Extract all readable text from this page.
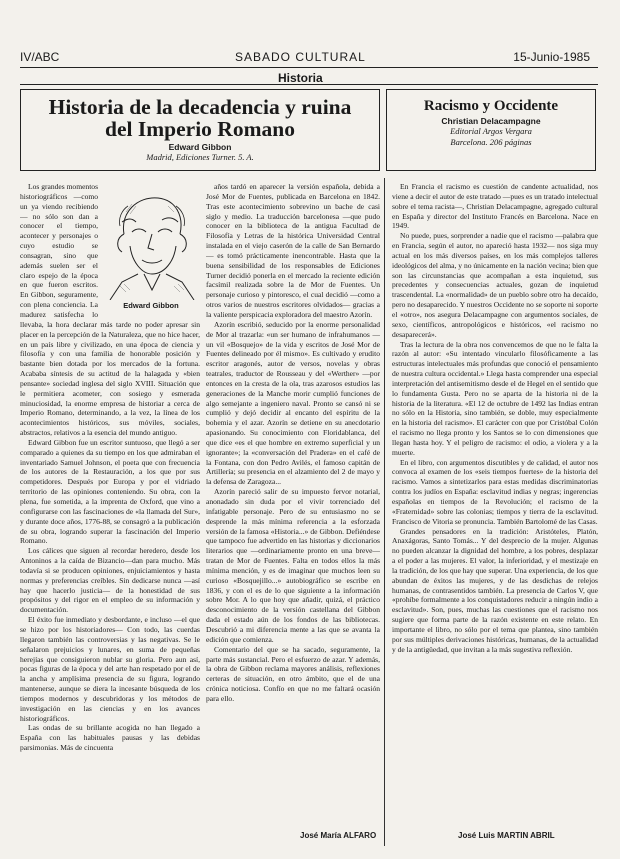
IV/ABC	SABADO CULTURAL	15-Junio-1985
Historia
Historia de la decadencia y ruina
del Imperio Romano
Edward Gibbon
Madrid, Ediciones Turner. 5. A.
Racismo y Occidente
Christian Delacampagne
Editorial Argos Vergara
Barcelona. 206 páginas
Edward Gibbon

Los grandes momentos historiográficos —como un ya viendo recibiendo— no sólo son dan a conocer el tiempo, acontecer y personajes o cuyo estudio se consagran, sino que además suelen ser el claro espejo de la época en que fueron escritos. En Gibbon, seguramente, con plena conciencia. La madurez satisfecha lo llevaba, la hora declarar más tarde no poder apresar sin placer en la percepción de la Naturaleza, que no hice hacer, en un país libre y civilizado, en una época de ciencia y filosofía y con una familia de honorable posición y bastante bien dotada por los mercados de la fortuna. Acababa síntesis de su actitud de la halagada y «bien pensante» sociedad inglesa del siglo XVIII. Situación que le permitiera acometer, con sosiego y esmerada minuciosidad, la enorme empresa de historiar a cerca de Imperio Romano, determinando, a la vez, la línea de los acontecimientos históricos, sus móviles, sociales, abstractos, relativos a la esencia del mundo antiguo.

Edward Gibbon fue un escritor suntuoso, que llegó a ser comparado a quienes da su tiempo en los que admiraban el inventariado Samuel Johnson, el poeta que con frecuencia de los autores de la Restauración, a los que por sus competidores. Después por Europa y por el vidriado territorio de las opiniones conteniendo. Su obra, con la plena, fue sometida, a la imprenta de Oxford, que vino a configurarse con las fascinaciones de «la llamada del Sur», y durante doce años, 1776-88, se consagró a la publicación de su obra, logrando superar la fascinación del Imperio Romano.

Los cálices que siguen al recordar heredero, desde los Antoninos a la caída de Bizancio—dan para mucho. Más todavía si se producen opiniones, enjuiciamientos y hasta normas y preferencias creíbles. Sin dedicarse nunca —así hay que hacerlo justicia— de la honestidad de sus propósitos y del rigor en el empleo de su información y documentación.

El éxito fue inmediato y desbordante, e incluso —el que se hizo por los historiadores— Con todo, las cuerdas llegaron también las controversias y las negativas. Se le señalaron prejuicios y lunares, en suma de pequeñas herejías que consiguieron nublar su gloria. Pero aun así, pocas figuras de la época y del arte han respetado por el de la ancha y amplísima presencia de su figura, logrando mantenerse, aunque se diera la incesante búsqueda de los tiempos modernos y descubridoras y los métodos de investigación en las ciencias y en los avances historiográficos.

Las ondas de su brillante acogida no han llegado a España con las habituales pausas y las debidas parsimonias. Más de cincuenta

años tardó en aparecer la versión española, debida a José Mor de Fuentes, publicada en Barcelona en 1842. Tras este acontecimiento sobrevino un bache de casi siglo y medio. La traducción barcelonesa —que pudo conocer en la biblioteca de la antigua Facultad de Filosofía y Letras de la histórica Universidad Central instalada en el viejo caserón de la calle de San Bernardo— es tomó prácticamente inencontrable. Hasta que la buena sensibilidad de los responsables de Ediciones Turner decidió ponerla en el mercado la reciente edición facsímil realizada sobre la de Mor de Fuentes. Un personaje curioso y pintoresco, el cual decidió —como a otros varios de nuestros escritores olvidados— gracias a la valiente perspicacia exploradora del maestro Azorín.

Azorín escribió, seducido por la enorme personalidad de Mor al trazarla: «un ser humano de infrahumanos —un vil «Bosquejo» de la vida y escritos de José Mor de Fuentes delineado por él mismo». Es cultivado y erudito escritor aragonés, autor de versos, novelas y obras teatrales, traductor de Rousseau y del «Werther» —por entonces en la cresta de la ola, tras azarosos estudios las generaciones de la Manche morir cumplió funciones de algo semejante a ingeniero naval. Pronto se cansó ni se cumplió y dejó decidir al encanto del espíritu de la bohemia y el azar. Azorín se detiene en su anecdotario apasionando. Su conocimiento con Floridablanca, del que dice «es el que hombre en extremo superficial y un ignorante»; la «conversación del Pradera» en el café de la Fontana, con don Pedro Avilés, el famoso capitán de Artillería; su presencia en el alzamiento del 2 de mayo y la defensa de Zaragoza...

Azorín pareció salir de su impuesto fervor notarial, anonadado sin duda por el vivir torrenciado del infatigable personaje. Pero de su entusiasmo no se desprende la más mínima referencia a la esforzada versión de la famosa «Historia...» de Gibbon. Defiéndese que tampoco fue advertido en las historias y diccionarios literarios que —ordinariamente pronto en una breve— tratan de Mor de Fuentes. Falta en todos ellos la más mínima mención, y es de imaginar que muchos leen su curioso «Bosquejillo...» autobiográfico se escribe en 1836, y con el es de lo que siguiente a la información sobre Mor. A lo que hoy que añadir, quizá, el práctico desconocimiento de la versión castellana del Gibbon dada el estado aún de los fondos de las bibliotecas. Descubrió a mi diferencia mente a las que se avanta la edición que comienza.

Comentario del que se ha sacado, seguramente, la parte más sustancial. Pero el esfuerzo de azar. Y además, la obra de Gibbon reclama mayores análisis, reflexiones certeras de situación, en otro ámbito, que el de una crónica noticiosa. Confío en que no me faltará ocasión para ello.

José María ALFARO

En Francia el racismo es cuestión de candente actualidad, nos viene a decir el autor de este tratado —pues es un tratado intelectual sobre el tema racista—, Christian Delacampagne, agregado cultural en España y director del Instituto Francés en Barcelona. Nace en 1949.

No puede, pues, sorprender a nadie que el racismo —palabra que en Francia, según el autor, no apareció hasta 1932— nos siga muy actual en los más diversos países, en los más complejos talleres ideológicos del alma, y no únicamente en la nación vecina; bien que son las circunstancias que acompañan a esta inquietud, sus precedentes y consecuencias actuales, gozan de inquietud trascendental. La «normalidad» de un pueblo sobre otro ha decaído, pero no desaparecido. Y nuestros Occidente no se soporte ni soporte el «otro», nos asegura Delacampagne con argumentos sociales, de sexo, científicos, antropológicos e históricos, «el racismo no desaparecerá».

Tras la lectura de la obra nos convencemos de que no le falta la razón al autor: «Su intentado vincularlo filosóficamente a las estructuras intelectuales más profundas que conoció el pensamiento de nuestra cultura occidental.» Llega hasta comprender una especial interpretación del antisemitismo desde el de Hegel en el sentido que lo fundamenta Gusta. Pero no se aparta de la historia ni de la historia de la literatura. «El 12 de octubre de 1492 las Indias entran no sólo en la Historia, sino también, se doble, muy especialmente en la historia del racismo». El carácter con que por Cristóbal Colón el racismo no llega pronto y los Santos se lo con dimensiones que llegan hasta hoy. Y el peligro de racismo: el odio, a violera y a la muerte.

En el libro, con argumentos discutibles y de calidad, el autor nos convoca al examen de los «seis tiempos fuertes» de la historia del racismo. Vamos a sintetizarlos para estas medidas discriminatorias contra los judíos en España: esclavitud indias y negras; ingerencias españolas en tiempos de la Revolución; el racismo de la «Fraternidad» sobre las colonias; tiempos y tierra de la esclavitud. Francisco de Vitoria se pronuncia. También Bartolomé de las Casas.

Grandes pensadores en la tradición: Aristóteles, Platón, Anaxágoras, Santo Tomás... Y del desprecio de la mujer. Algunas no pueden alcanzar la dignidad del hombre, a los pobres, desplazar a el poder a las mujeres. El valor, la inferioridad, y el mestizaje en la tradición, de los que hay que superar. Una experiencia, de los que abundan de éxitos las mujeres, y de las desdichas de relejos humanas, de contrasentidos también. La presencia de Carlos V, que «prohíbe formalmente a los conquistadores reducir a ningún indio a esclavitud». Son, pues, muchas las cuestiones que el racismo nos sugiere que forma parte de la razón existente en este relato. En importante el libro, no sólo por el tema que plantea, sino también por sus múltiples derivaciones históricas, humanas, de la actualidad y de la antigüedad, que invitan a la más sugestiva reflexión.

José Luis MARTIN ABRIL
